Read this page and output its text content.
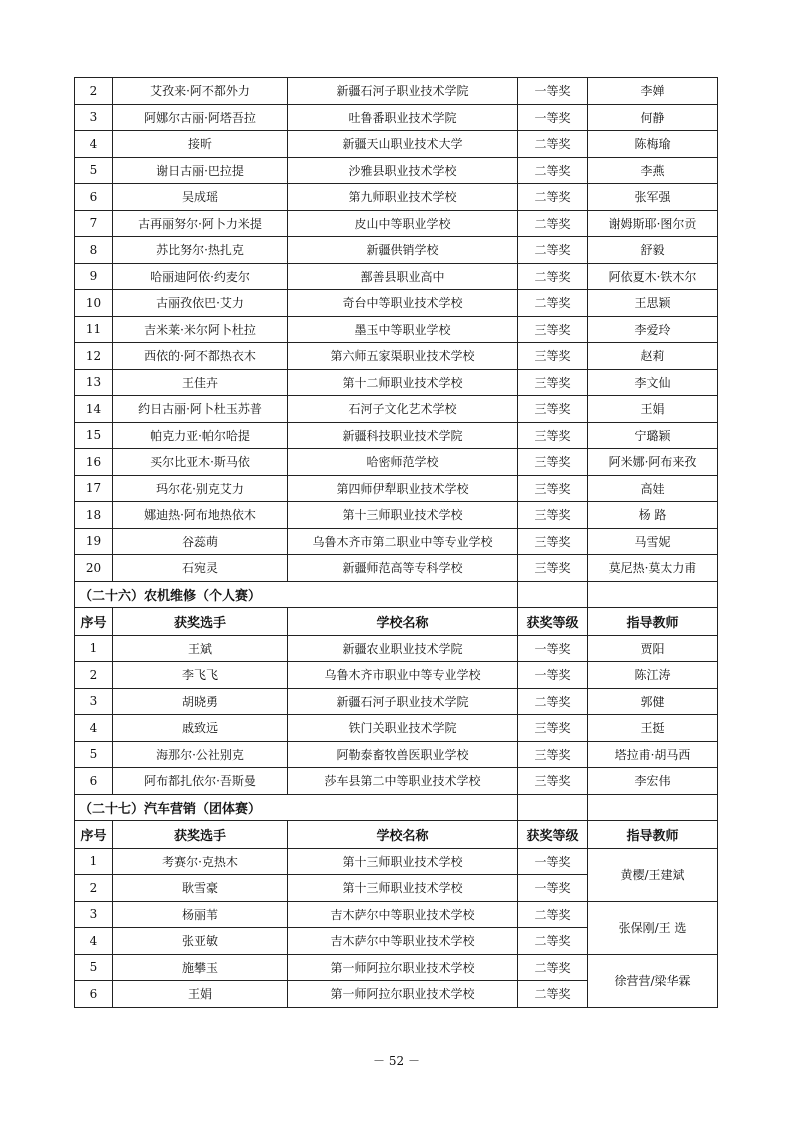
2	艾孜来·阿不都外力	新疆石河子职业技术学院	一等奖	李婵
3	阿娜尔古丽·阿塔吾拉	吐鲁番职业技术学院	一等奖	何静
4	接昕	新疆天山职业技术大学	二等奖	陈梅瑜
5	谢日古丽·巴拉提	沙雅县职业技术学校	二等奖	李燕
6	吴成瑶	第九师职业技术学校	二等奖	张军强
7	古再丽努尔·阿卜力米提	皮山中等职业学校	二等奖	谢姆斯耶·图尔贡
8	苏比努尔·热扎克	新疆供销学校	二等奖	舒毅
9	哈丽迪阿依·约麦尔	鄯善县职业高中	二等奖	阿依夏木·铁木尔
10	古丽孜依巴·艾力	奇台中等职业技术学校	二等奖	王思颖
11	吉米莱·米尔阿卜杜拉	墨玉中等职业学校	三等奖	李爱玲
12	西依的·阿不都热衣木	第六师五家渠职业技术学校	三等奖	赵莉
13	王佳卉	第十二师职业技术学校	三等奖	李文仙
14	约日古丽·阿卜杜玉苏普	石河子文化艺术学校	三等奖	王娟
15	帕克力亚·帕尔哈提	新疆科技职业技术学院	三等奖	宁璐颖
16	买尔比亚木·斯马依	哈密师范学校	三等奖	阿米娜·阿布来孜
17	玛尔花·别克艾力	第四师伊犁职业技术学校	三等奖	高娃
18	娜迪热·阿布地热依木	第十三师职业技术学校	三等奖	杨 路
19	谷蕊萌	乌鲁木齐市第二职业中等专业学校	三等奖	马雪妮
20	石宛灵	新疆师范高等专科学校	三等奖	莫尼热·莫太力甫
（二十六）农机维修（个人赛）				
序号	获奖选手	学校名称	获奖等级	指导教师
1	王斌	新疆农业职业技术学院	一等奖	贾阳
2	李飞飞	乌鲁木齐市职业中等专业学校	一等奖	陈江涛
3	胡晓勇	新疆石河子职业技术学院	二等奖	郭健
4	戚致远	铁门关职业技术学院	三等奖	王挺
5	海那尔·公社别克	阿勒泰畜牧兽医职业学校	三等奖	塔拉甫·胡马西
6	阿布都扎依尔·吾斯曼	莎车县第二中等职业技术学校	三等奖	李宏伟
（二十七）汽车营销（团体赛）				
序号	获奖选手	学校名称	获奖等级	指导教师
1	考赛尔·克热木	第十三师职业技术学校	一等奖	黄樱/王建斌
2	耿雪豪	第十三师职业技术学校	一等奖	
3	杨丽苇	吉木萨尔中等职业技术学校	二等奖	张保刚/王 选
4	张亚敏	吉木萨尔中等职业技术学校	二等奖	
5	施攀玉	第一师阿拉尔职业技术学校	二等奖	徐营营/梁华霖
6	王娟	第一师阿拉尔职业技术学校	二等奖	
－ 52 －
